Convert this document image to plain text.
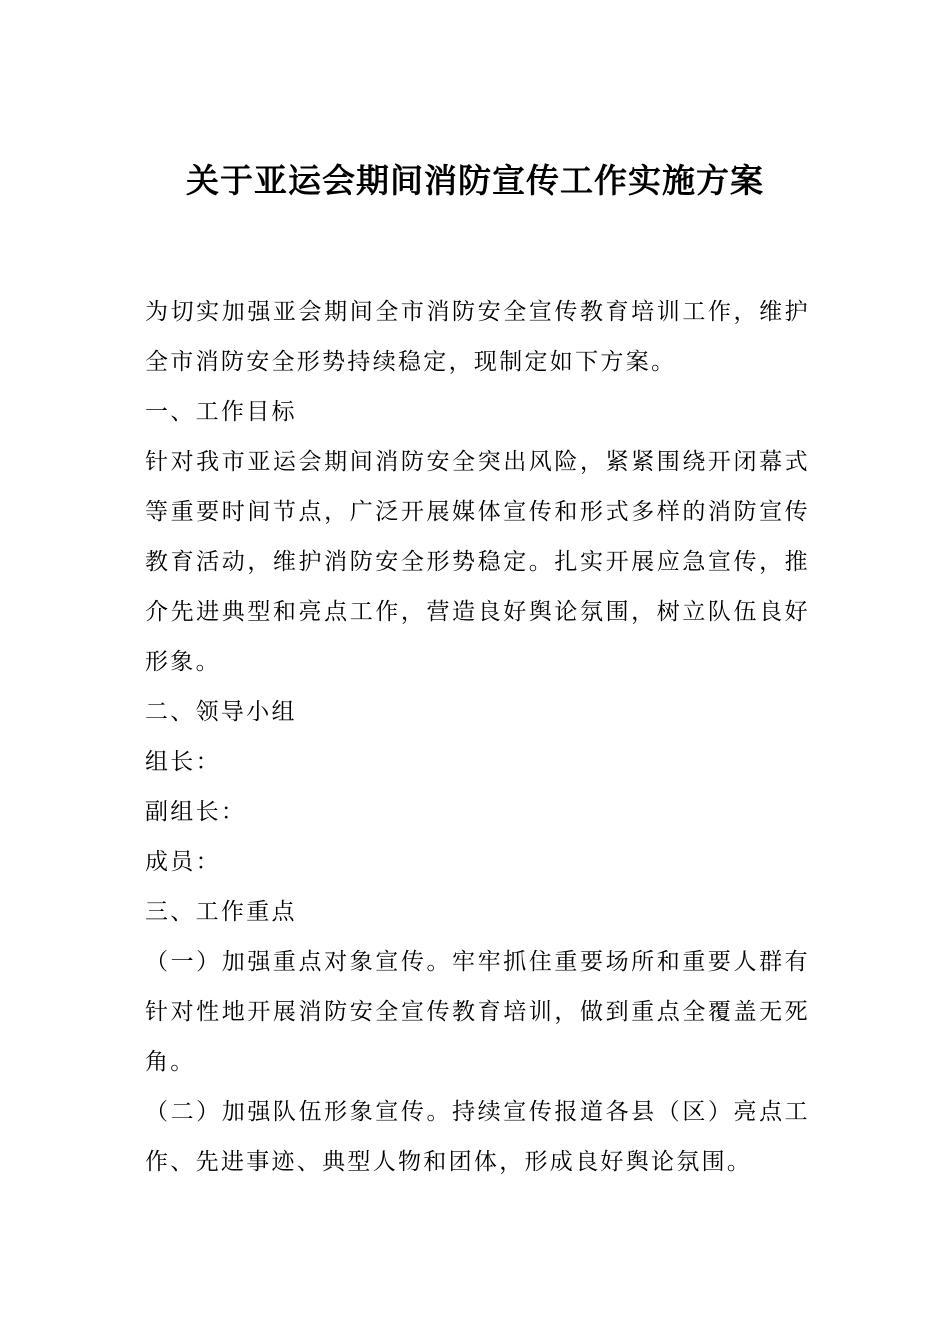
关于亚运会期间消防宣传工作实施方案

为切实加强亚会期间全市消防安全宣传教育培训工作，维护全市消防安全形势持续稳定，现制定如下方案。

一、工作目标

针对我市亚运会期间消防安全突出风险，紧紧围绕开闭幕式等重要时间节点，广泛开展媒体宣传和形式多样的消防宣传教育活动，维护消防安全形势稳定。扎实开展应急宣传，推介先进典型和亮点工作，营造良好舆论氛围，树立队伍良好形象。

二、领导小组

组长：

副组长：

成员：

三、工作重点

（一）加强重点对象宣传。牢牢抓住重要场所和重要人群有针对性地开展消防安全宣传教育培训，做到重点全覆盖无死角。

（二）加强队伍形象宣传。持续宣传报道各县（区）亮点工作、先进事迹、典型人物和团体，形成良好舆论氛围。
